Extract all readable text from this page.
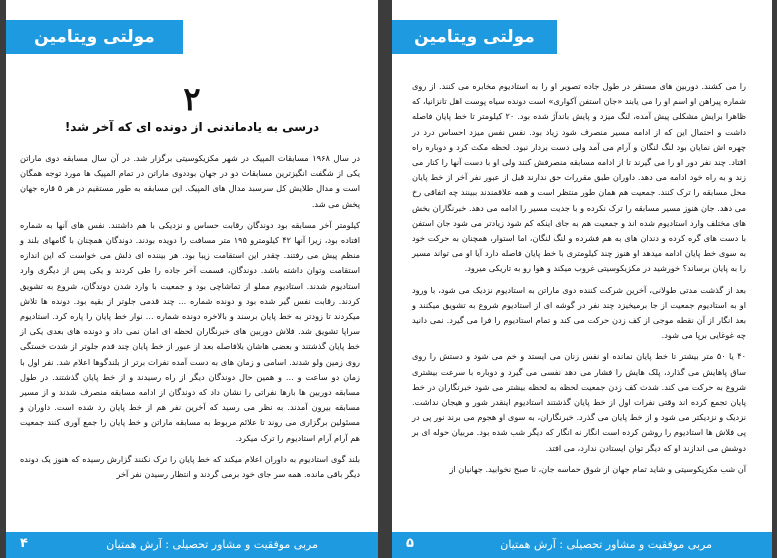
مولتی ویتامین
۲
درسی به یادماندنی از دونده ای که آخر شد!

در سال ۱۹۶۸ مسابقات المپیک در شهر مکزیکوسیتی برگزار شد. در آن سال مسابقه دوی ماراتن یکی از شگفت انگیزترین مسابقات دو در جهان بوددوی ماراتن در تمام المپیک ها مورد توجه همگان است و مدال طلایش کل سرسبد مدال های المپیک. این مسابقه به طور مستقیم در هر ۵ قاره جهان پخش می شد.

کیلومتر آخر مسابقه بود دوندگان رقابت حساس و نزدیکی با هم داشتند. نفس های آنها به شماره افتاده بود، زیرا آنها ۴۲ کیلومترو ۱۹۵ متر مسافت را دویده بودند. دوندگان همچنان با گامهای بلند و منظم پیش می رفتند. چقدر این استقامت زیبا بود. هر بیننده ای دلش می خواست که این اندازه استقامت وتوان داشته باشد. دوندگان، قسمت آخر جاده را طی کردند و یکی پس از دیگری وارد استادیوم شدند. استادیوم مملو از تماشاچی بود و جمعیت با وارد شدن دوندگان، شروع به تشویق کردند. رقابت نفس گیر شده بود و دونده شماره ... چند قدمی جلوتر از بقیه بود. دونده ها تلاش میکردند تا زودتر به خط پایان برسند و بالاخره دونده شماره ... نوار خط پایان را پاره کرد. استادیوم سراپا تشویق شد. فلاش دوربین های خبرنگاران لحظه ای امان نمی داد و دونده های بعدی یکی از خط پایان گذشتند و بعضی هاشان بلافاصله بعد از عبور از خط پایان چند قدم جلوتر از شدت خستگی روی زمین ولو شدند. اسامی و زمان های به دست آمده نفرات برتر از بلندگوها اعلام شد. نفر اول با زمان دو ساعت و ... و همین حال دوندگان دیگر از راه رسیدند و از خط پایان گذشتند. در طول مسابقه دوربین ها بارها نفراتی را نشان داد که دوندگان از ادامه مسابقه منصرف شدند و از مسیر مسابقه بیرون آمدند. به نظر می رسید که آخرین نفر هم از خط پایان رد شده است. داوران و مسئولین برگزاری می روند تا علائم مربوط به مسابقه ماراتن و خط پایان را جمع آوری کنند جمعیت هم آرام آرام استادیوم را ترک میکرد.

بلند گوی استادیوم به داوران اعلام میکند که خط پایان را ترک نکنند گزارش رسیده که هنوز یک دونده دیگر باقی مانده. همه سر جای خود برمی گردند و انتظار رسیدن نفر آخر

مربی موفقیت و مشاور تحصیلی : آرش همتیان
۴
مولتی ویتامین

را می کشند. دوربین های مستقر در طول جاده تصویر او را به استادیوم مخابره می کنند. از روی شماره پیراهن او اسم او را می یابند «جان استفن آکواری» است دونده سیاه پوست اهل تانزانیا، که ظاهرا برایش مشکلی پیش آمده، لنگ میزد و پایش باندآژ شده بود. ۲۰ کیلومتر تا خط پایان فاصله داشت و احتمال این که از ادامه مسیر منصرف شود زیاد بود. نفس نفس میزد احساس درد در چهره اش نمایان بود لنگ لنگان و آرام می آمد ولی دست بردار نبود. لحظه مکث کرد و دوباره راه افتاد. چند نفر دور او را می گیرند تا از ادامه مسابقه منصرفش کنند ولی او با دست آنها را کنار می زند و به راه خود ادامه می دهد. داوران طبق مقررات حق ندارند قبل از عبور نفر آخر از خط پایان محل مسابقه را ترک کنند. جمعیت هم همان طور منتظر است و همه علاقمندند ببینند چه اتفاقی رخ می دهد. جان هنوز مسیر مسابقه را ترک نکرده و با جدیت مسیر را ادامه می دهد. خبرنگاران بخش های مختلف وارد استادیوم شده اند و جمعیت هم به جای اینکه کم شود زیادتر می شود جان استفن با دست های گره کرده و دندان های به هم فشرده و لنگ لنگان، اما استوار، همچنان به حرکت خود به سوی خط پایان ادامه میدهد او هنوز چند کیلومتری با خط پایان فاصله دارد آیا او می تواند مسیر را به پایان برساند؟ خورشید در مکزیکوسیتی غروب میکند و هوا رو به تاریکی میرود.

بعد از گذشت مدتی طولانی، آخرین شرکت کننده دوی ماراتن به استادیوم نزدیک می شود، با ورود او به استادیوم جمعیت از جا برمیخیزد چند نفر در گوشه ای از استادیوم شروع به تشویق میکنند و بعد انگار از آن نقطه موجی از کف زدن حرکت می کند و تمام استادیوم را فرا می گیرد. نمی دانید چه غوغایی برپا می شود.

۴۰ یا ۵۰ متر بیشتر تا خط پایان نمانده او نفس زنان می ایستد و خم می شود و دستش را روی ساق پاهایش می گذارد، پلک هایش را فشار می دهد نفسی می گیرد و دوباره با سرعت بیشتری شروع به حرکت می کند. شدت کف زدن جمعیت لحظه به لحظه بیشتر می شود خبرنگاران در خط پایان تجمع کرده اند وقتی نفرات اول از خط پایان گذشتند استادیوم اینقدر شور و هیجان نداشت. نزدیک و نزدیکتر می شود و از خط پایان می گذرد. خبرنگاران، به سوی او هجوم می برند نور پی در پی فلاش ها استادیوم را روشن کرده است انگار نه انگار که دیگر شب شده بود. مربیان حوله ای بر دوشش می اندازند او که دیگر توان ایستادن ندارد، می افتد.

آن شب مکزیکوسیتی و شاید تمام جهان از شوق حماسه جان، تا صبح نخوابید. جهانیان از

مربی موفقیت و مشاور تحصیلی : آرش همتیان
۵
